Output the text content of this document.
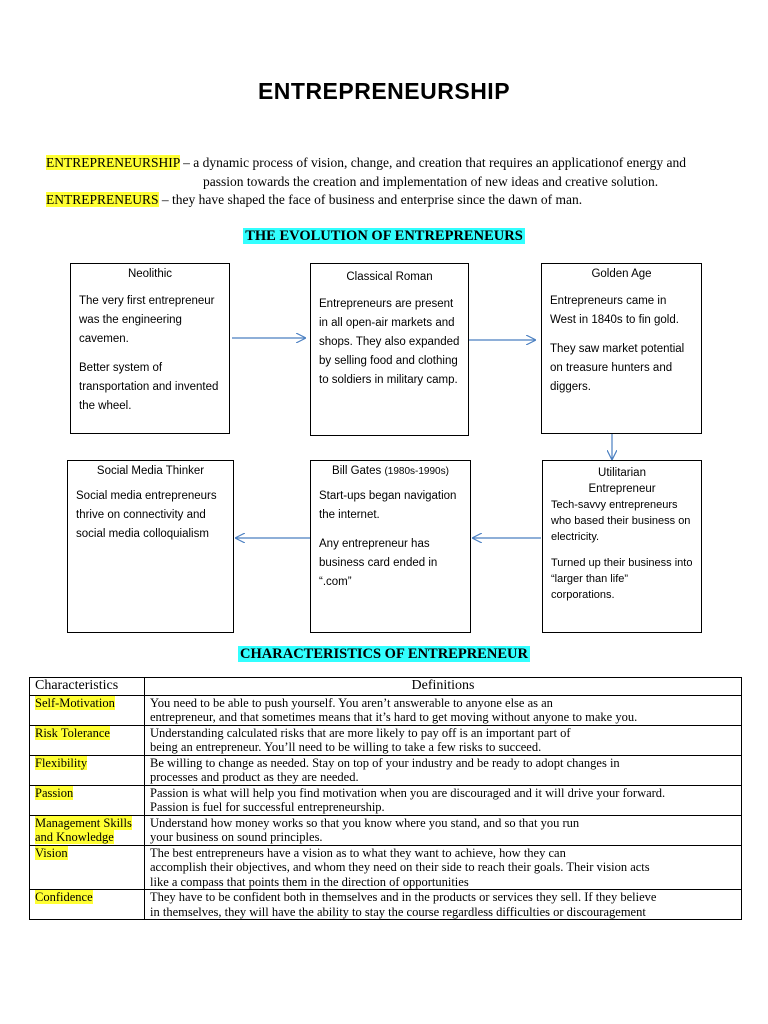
ENTREPRENEURSHIP
ENTREPRENEURSHIP – a dynamic process of vision, change, and creation that requires an applicationof energy and
passion towards the creation and implementation of new ideas and creative solution.
ENTREPRENEURS – they have shaped the face of business and enterprise since the dawn of man.
THE EVOLUTION OF ENTREPRENEURS
Neolithic

The very first entrepreneur was the engineering cavemen.

Better system of transportation and invented the wheel.

Classical Roman

Entrepreneurs are present in all open-air markets and shops. They also expanded by selling food and clothing to soldiers in military camp.

Golden Age

Entrepreneurs came in West in 1840s to fin gold.

They saw market potential on treasure hunters and diggers.

Social Media Thinker

Social media entrepreneurs thrive on connectivity and social media colloquialism

Bill Gates (1980s-1990s)

Start-ups began navigation the internet.

Any entrepreneur has business card ended in “.com”

Utilitarian Entrepreneur

Tech-savvy entrepreneurs who based their business on electricity.

Turned up their business into “larger than life” corporations.

CHARACTERISTICS OF ENTREPRENEUR
Characteristics	Definitions
Self-Motivation	You need to be able to push yourself. You aren’t answerable to anyone else as an
entrepreneur, and that sometimes means that it’s hard to get moving without anyone to make you.

Risk Tolerance	Understanding calculated risks that are more likely to pay off is an important part of
being an entrepreneur. You’ll need to be willing to take a few risks to succeed.

Flexibility	Be willing to change as needed. Stay on top of your industry and be ready to adopt changes in
processes and product as they are needed.

Passion	Passion is what will help you find motivation when you are discouraged and it will drive your forward.
Passion is fuel for successful entrepreneurship.

Management Skills and Knowledge	Understand how money works so that you know where you stand, and so that you run
your business on sound principles.

Vision	The best entrepreneurs have a vision as to what they want to achieve, how they can
accomplish their objectives, and whom they need on their side to reach their goals. Their vision acts
like a compass that points them in the direction of opportunities

Confidence	They have to be confident both in themselves and in the products or services they sell. If they believe
in themselves, they will have the ability to stay the course regardless difficulties or discouragement
